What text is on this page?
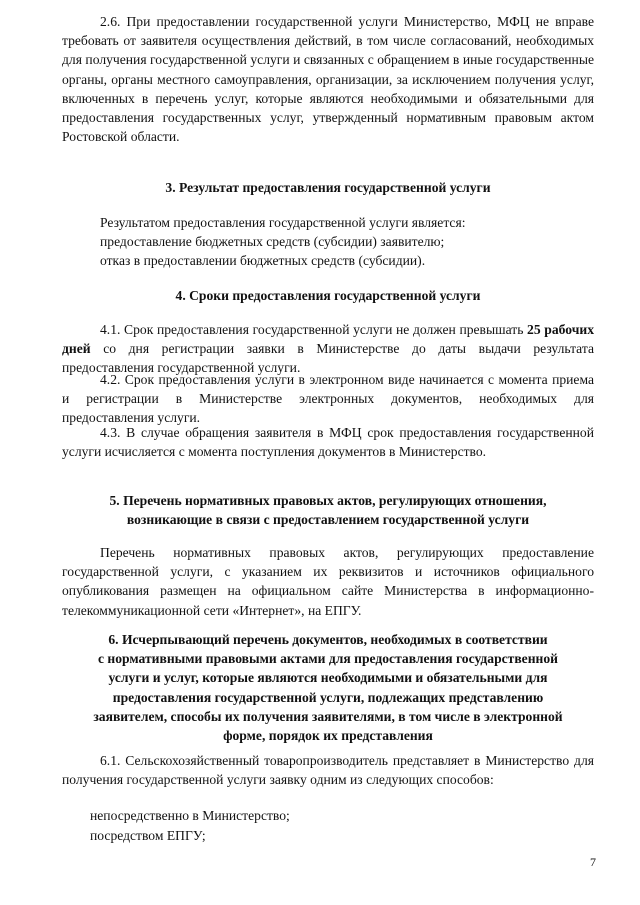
2.6. При предоставлении государственной услуги Министерство, МФЦ не вправе требовать от заявителя осуществления действий, в том числе согласований, необходимых для получения государственной услуги и связанных с обращением в иные государственные органы, органы местного самоуправления, организации, за исключением получения услуг, включенных в перечень услуг, которые являются необходимыми и обязательными для предоставления государственных услуг, утвержденный нормативным правовым актом Ростовской области.

3. Результат предоставления государственной услуги

Результатом предоставления государственной услуги является:

предоставление бюджетных средств (субсидии) заявителю;

отказ в предоставлении бюджетных средств (субсидии).

4. Сроки предоставления государственной услуги

4.1. Срок предоставления государственной услуги не должен превышать 25 рабочих дней со дня регистрации заявки в Министерстве до даты выдачи результата предоставления государственной услуги.

4.2. Срок предоставления услуги в электронном виде начинается с момента приема и регистрации в Министерстве электронных документов, необходимых для предоставления услуги.

4.3. В случае обращения заявителя в МФЦ срок предоставления государственной услуги исчисляется с момента поступления документов в Министерство.

5. Перечень нормативных правовых актов, регулирующих отношения,
возникающие в связи с предоставлением государственной услуги

Перечень нормативных правовых актов, регулирующих предоставление государственной услуги, с указанием их реквизитов и источников официального опубликования размещен на официальном сайте Министерства в информационно-телекоммуникационной сети «Интернет», на ЕПГУ.

6. Исчерпывающий перечень документов, необходимых в соответствии
с нормативными правовыми актами для предоставления государственной
услуги и услуг, которые являются необходимыми и обязательными для
предоставления государственной услуги, подлежащих представлению
заявителем, способы их получения заявителями, в том числе в электронной
форме, порядок их представления

6.1. Сельскохозяйственный товаропроизводитель представляет в Министерство для получения государственной услуги заявку одним из следующих способов:

непосредственно в Министерство;

посредством ЕПГУ;

7
